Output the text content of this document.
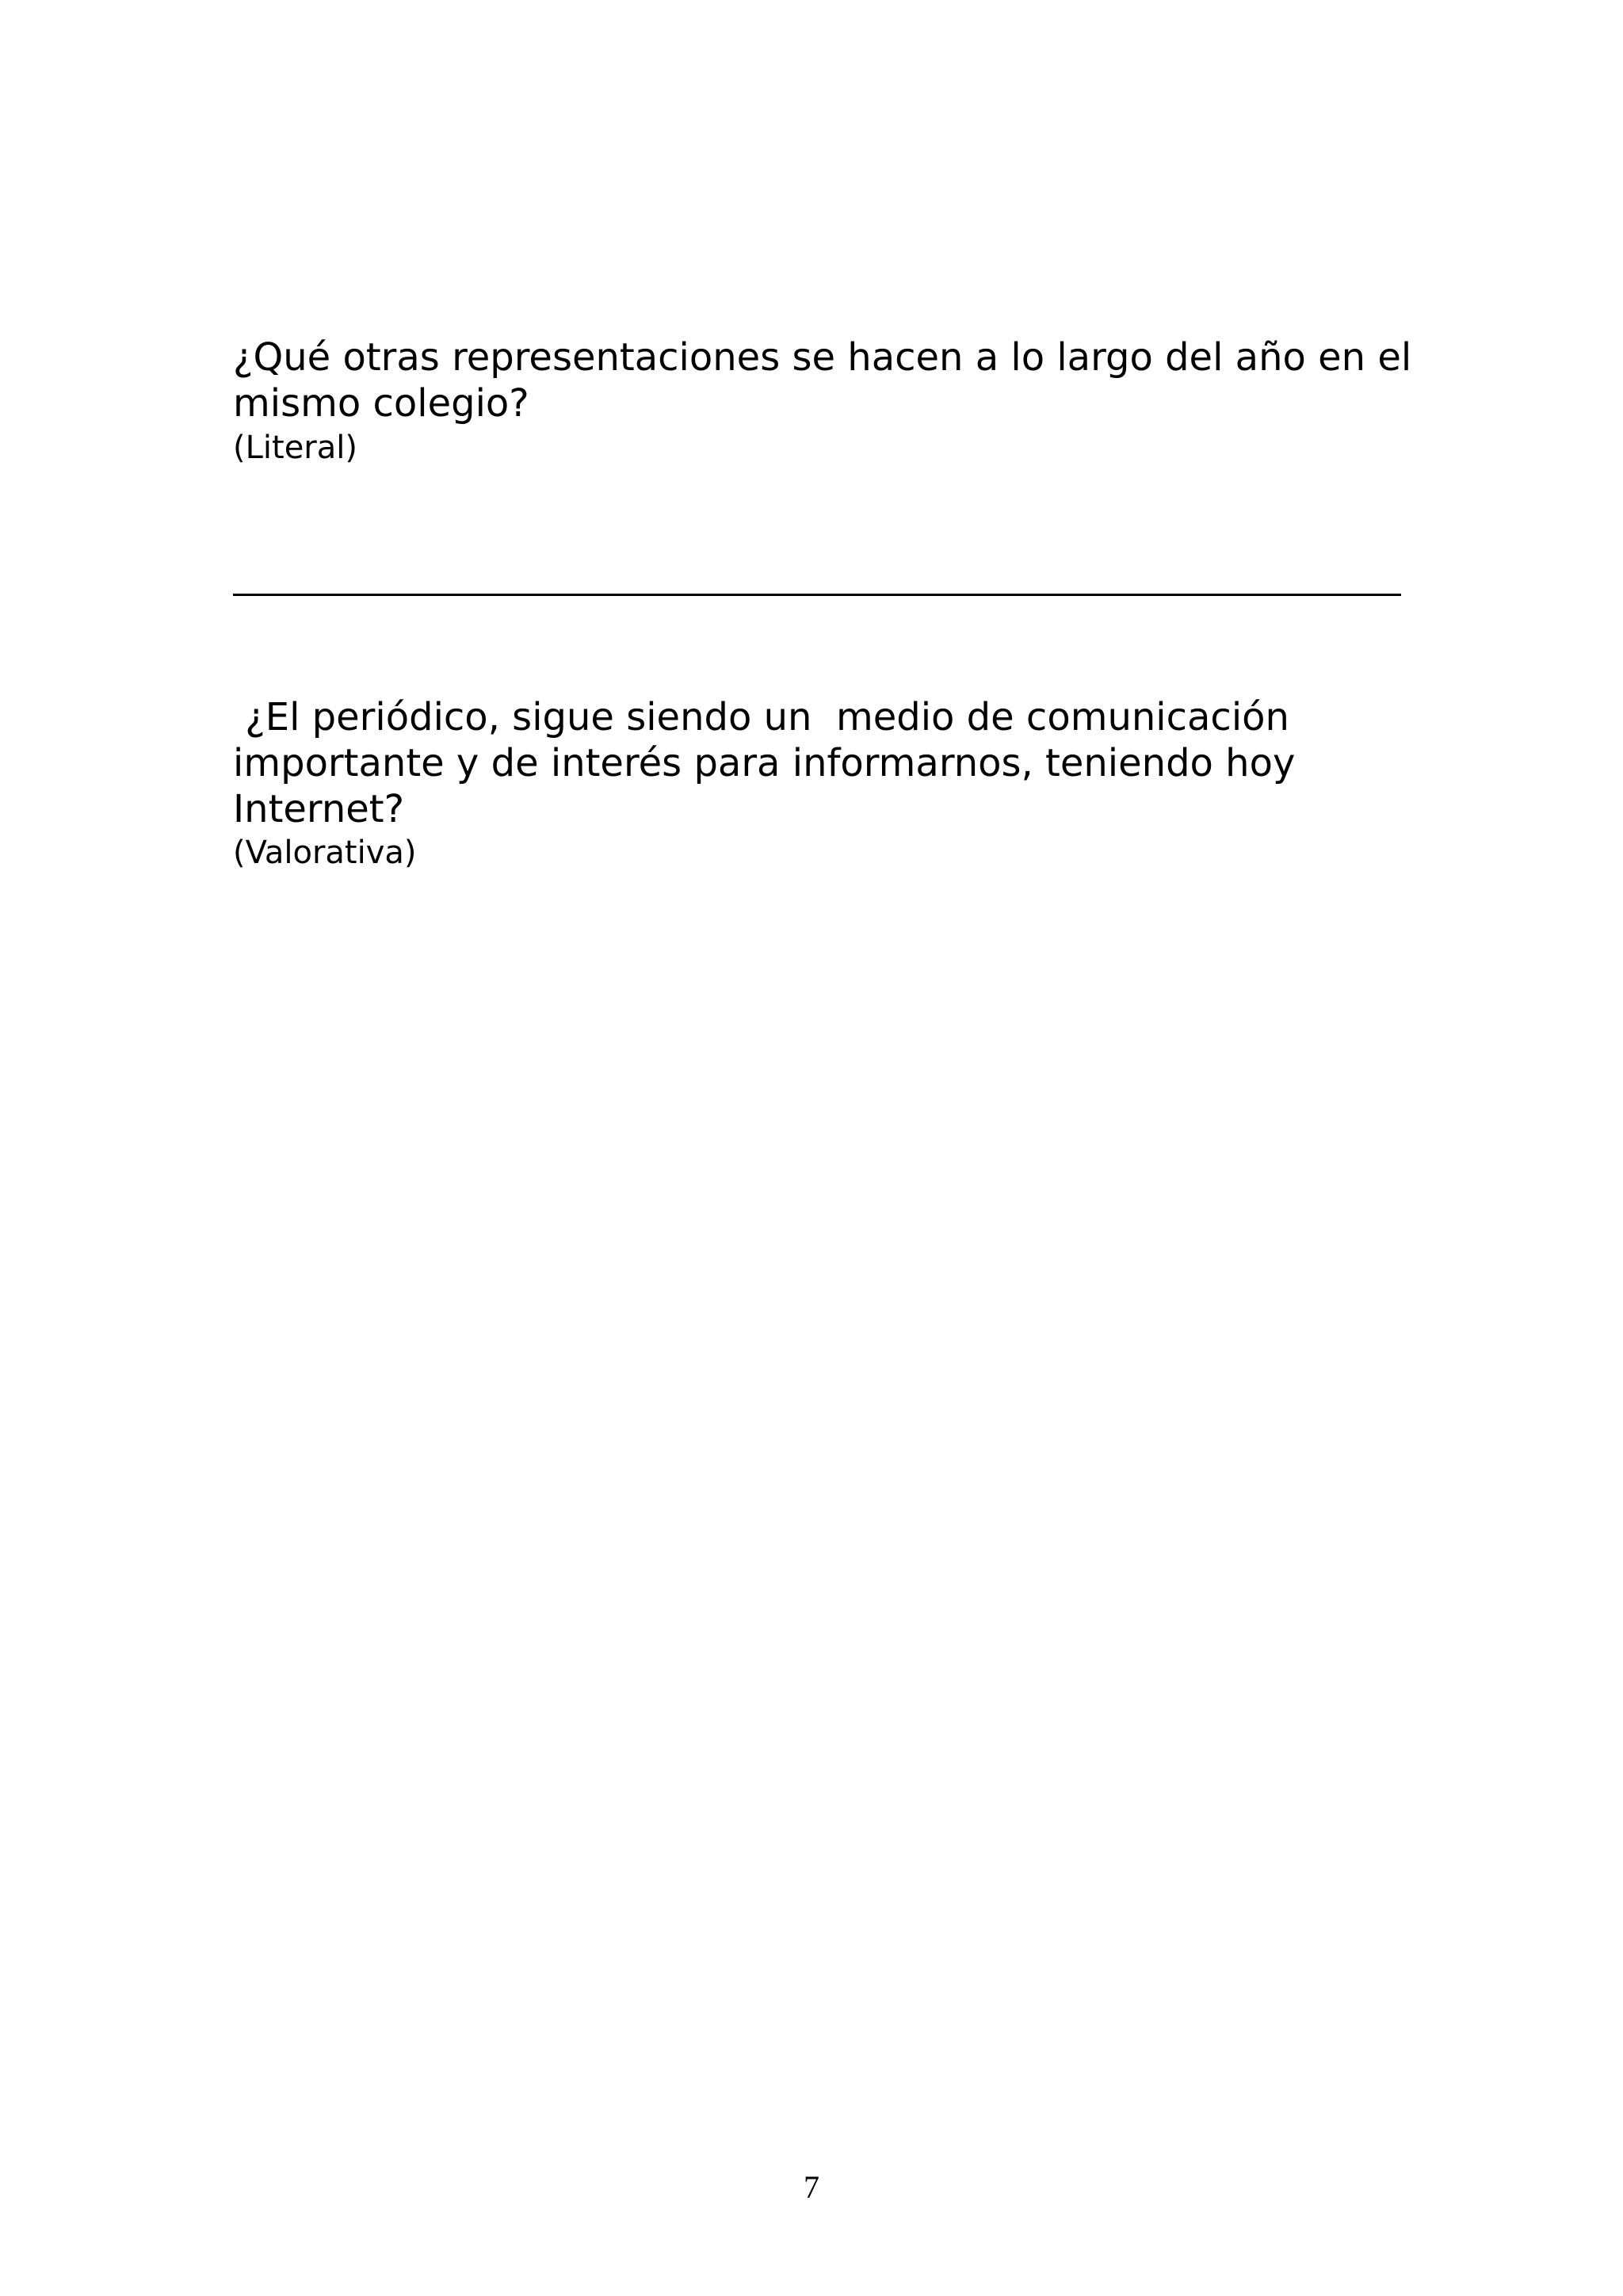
¿Qué otras representaciones se hacen a lo largo del año en el mismo colegio?
(Literal)
¿El periódico, sigue siendo un  medio de comunicación importante y de interés para informarnos, teniendo hoy Internet?
(Valorativa)
7
